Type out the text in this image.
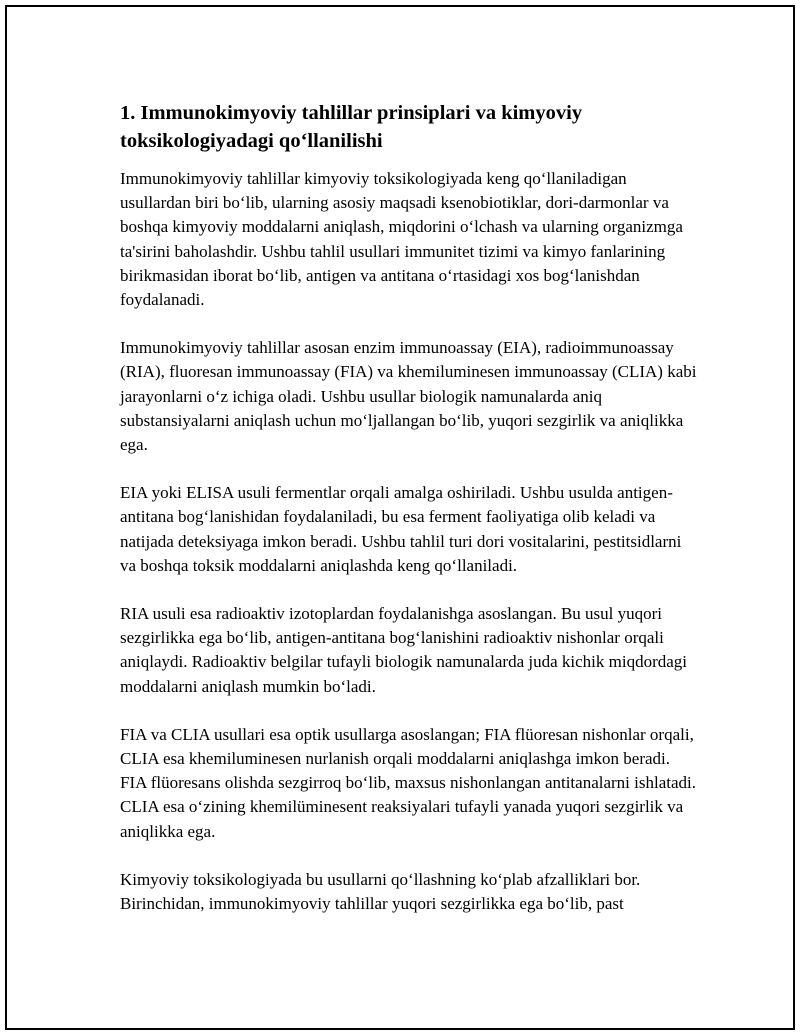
1. Immunokimyoviy tahlillar prinsiplari va kimyoviy toksikologiyadagi qo‘llanilishi

Immunokimyoviy tahlillar kimyoviy toksikologiyada keng qo‘llaniladigan usullardan biri bo‘lib, ularning asosiy maqsadi ksenobiotiklar, dori-darmonlar va boshqa kimyoviy moddalarni aniqlash, miqdorini o‘lchash va ularning organizmga ta'sirini baholashdir. Ushbu tahlil usullari immunitet tizimi va kimyo fanlarining birikmasidan iborat bo‘lib, antigen va antitana o‘rtasidagi xos bog‘lanishdan foydalanadi.

Immunokimyoviy tahlillar asosan enzim immunoassay (EIA), radioimmunoassay (RIA), fluoresan immunoassay (FIA) va khemiluminesen immunoassay (CLIA) kabi jarayonlarni o‘z ichiga oladi. Ushbu usullar biologik namunalarda aniq substansiyalarni aniqlash uchun mo‘ljallangan bo‘lib, yuqori sezgirlik va aniqlikka ega.

EIA yoki ELISA usuli fermentlar orqali amalga oshiriladi. Ushbu usulda antigen-antitana bog‘lanishidan foydalaniladi, bu esa ferment faoliyatiga olib keladi va natijada deteksiyaga imkon beradi. Ushbu tahlil turi dori vositalarini, pestitsidlarni va boshqa toksik moddalarni aniqlashda keng qo‘llaniladi.

RIA usuli esa radioaktiv izotoplardan foydalanishga asoslangan. Bu usul yuqori sezgirlikka ega bo‘lib, antigen-antitana bog‘lanishini radioaktiv nishonlar orqali aniqlaydi. Radioaktiv belgilar tufayli biologik namunalarda juda kichik miqdordagi moddalarni aniqlash mumkin bo‘ladi.

FIA va CLIA usullari esa optik usullarga asoslangan; FIA flüoresan nishonlar orqali, CLIA esa khemiluminesen nurlanish orqali moddalarni aniqlashga imkon beradi. FIA flüoresans olishda sezgirroq bo‘lib, maxsus nishonlangan antitanalarni ishlatadi. CLIA esa o‘zining khemilüminesent reaksiyalari tufayli yanada yuqori sezgirlik va aniqlikka ega.

Kimyoviy toksikologiyada bu usullarni qo‘llashning ko‘plab afzalliklari bor. Birinchidan, immunokimyoviy tahlillar yuqori sezgirlikka ega bo‘lib, past
